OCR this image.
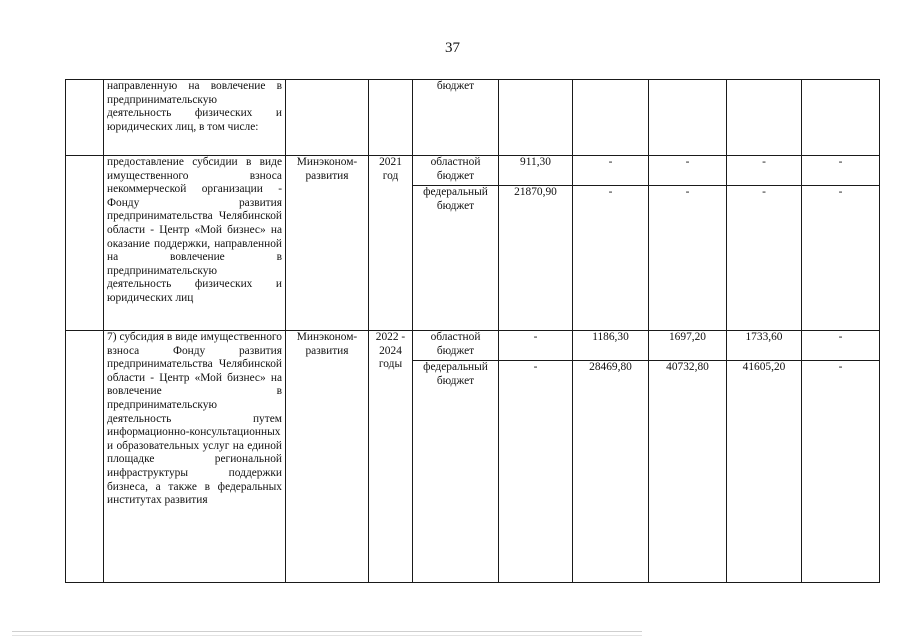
37
	направленную на вовлечение в предпринимательскую деятельность физических и юридических лиц, в том числе:			бюджет					
	предоставление субсидии в виде имущественного взноса некоммерческой организации - Фонду развития предпринимательства Челябинской области - Центр «Мой бизнес» на оказание поддержки, направленной на вовлечение в предпринимательскую деятельность физических и юридических лиц	Минэконом-развития	2021 год	областной бюджет	911,30	-	-	-	-
				федеральный бюджет	21870,90	-	-	-	-
	7) субсидия в виде имущественного взноса Фонду развития предпринимательства Челябинской области - Центр «Мой бизнес» на вовлечение в предпринимательскую деятельность путем информационно-консультационных и образовательных услуг на единой площадке региональной инфраструктуры поддержки бизнеса, а также в федеральных институтах развития	Минэконом-развития	2022 - 2024 годы	областной бюджет	-	1186,30	1697,20	1733,60	-
				федеральный бюджет	-	28469,80	40732,80	41605,20	-
